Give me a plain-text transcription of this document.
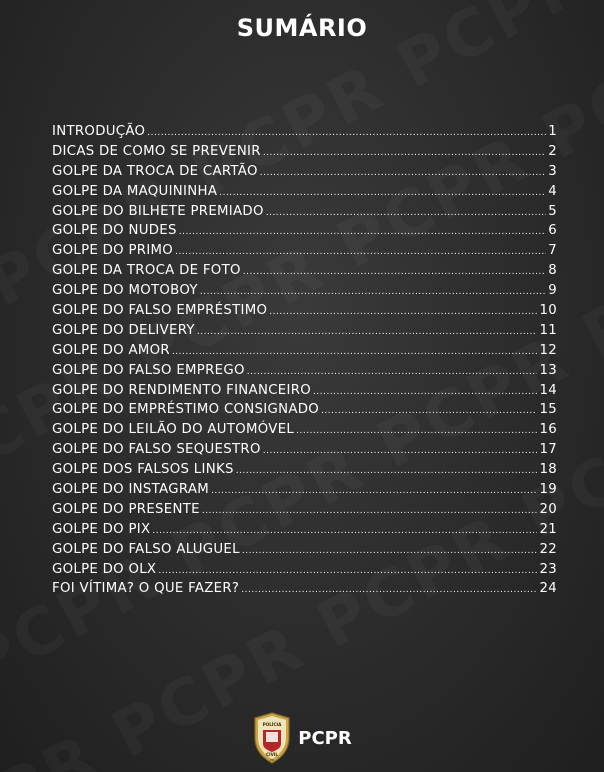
SUMÁRIO
INTRODUÇÃO .....	1
DICAS DE COMO SE PREVENIR .....	2
GOLPE DA TROCA DE CARTÃO .....	3
GOLPE DA MAQUININHA .....	4
GOLPE DO BILHETE PREMIADO .....	5
GOLPE DO NUDES .....	6
GOLPE DO PRIMO .....	7
GOLPE DA TROCA DE FOTO .....	8
GOLPE DO MOTOBOY .....	9
GOLPE DO FALSO EMPRÉSTIMO .....	10
GOLPE DO DELIVERY .....	11
GOLPE DO AMOR .....	12
GOLPE DO FALSO EMPREGO .....	13
GOLPE DO RENDIMENTO FINANCEIRO .....	14
GOLPE DO EMPRÉSTIMO CONSIGNADO .....	15
GOLPE DO LEILÃO DO AUTOMÓVEL .....	16
GOLPE DO FALSO SEQUESTRO .....	17
GOLPE DOS FALSOS LINKS .....	18
GOLPE DO INSTAGRAM .....	19
GOLPE DO PRESENTE .....	20
GOLPE DO PIX .....	21
GOLPE DO FALSO ALUGUEL .....	22
GOLPE DO OLX .....	23
FOI VÍTIMA? O QUE FAZER? .....	24
POLÍCIA
CIVIL
PR
PCPR
